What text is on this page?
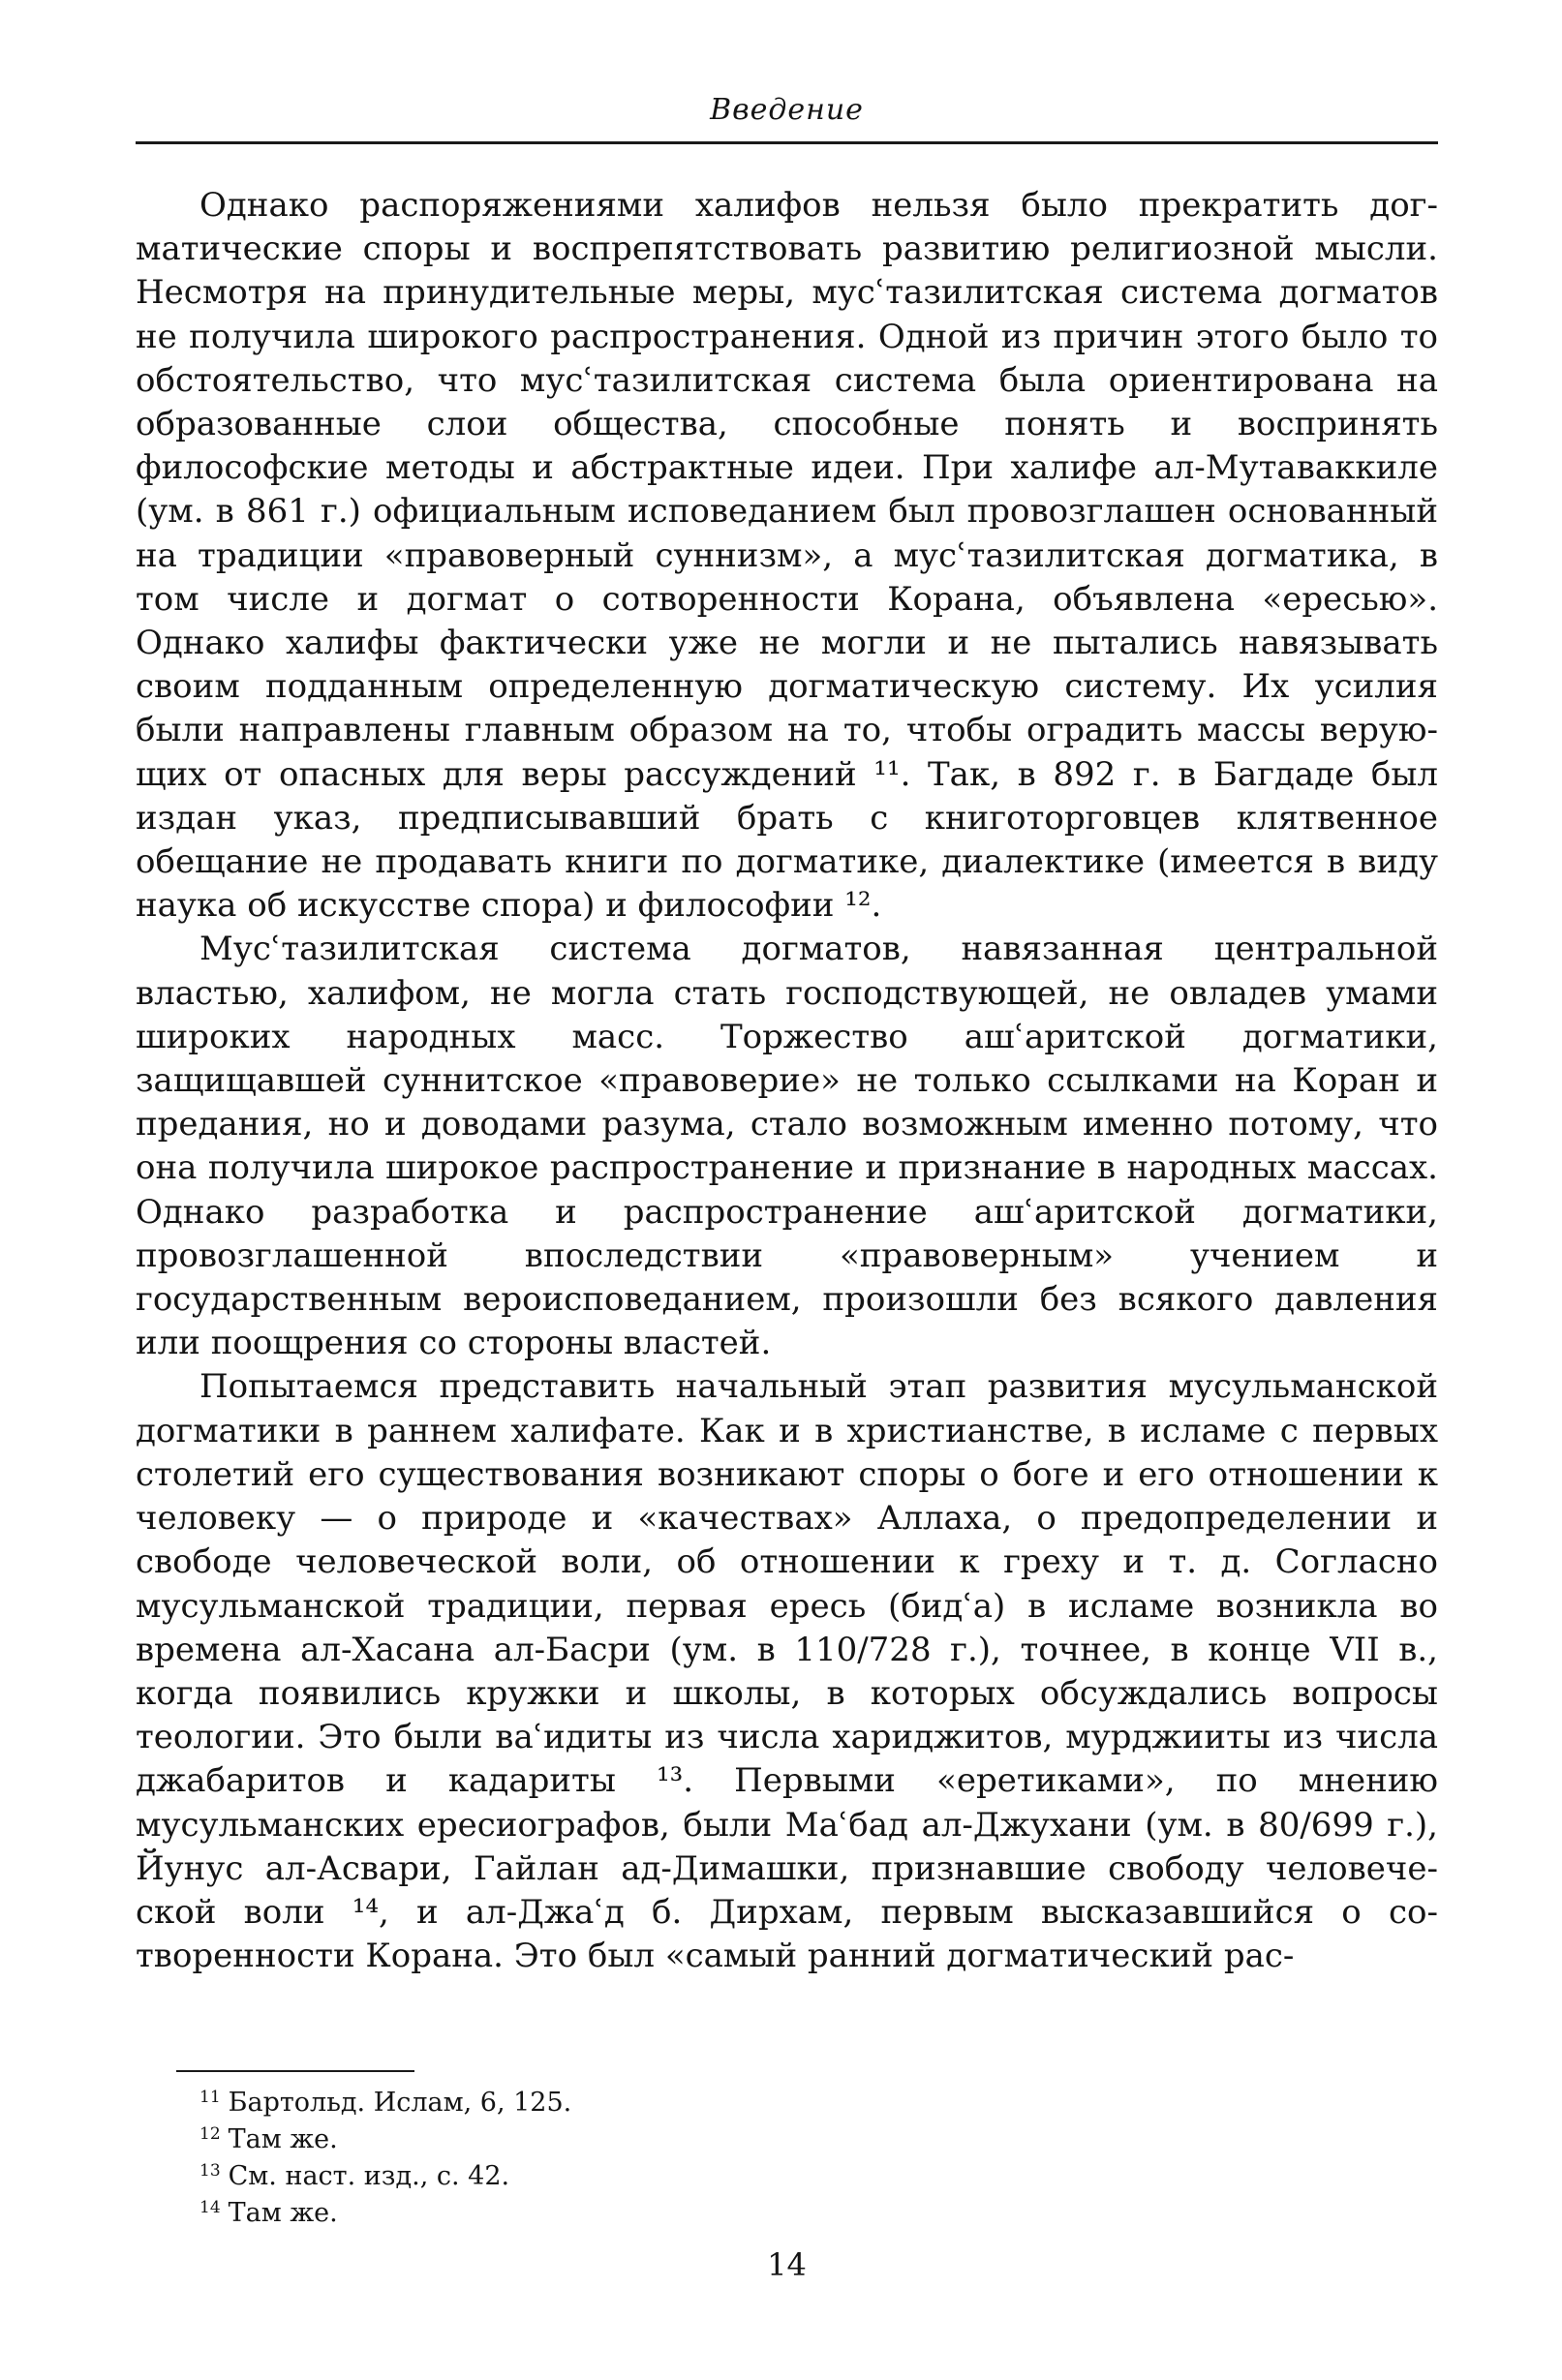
Введение

Однако распоряжениями халифов нельзя было прекратить догматические споры и воспрепятствовать развитию религиозной мысли. Несмотря на принудительные меры, мусʿтазилитская система догматов не получила широкого распространения. Одной из причин этого было то обстоятельство, что мусʿтазилитская система была ориентирована на образованные слои общества, способные понять и воспринять философские методы и абстрактные идеи. При халифе ал-Мутаваккиле (ум. в 861 г.) официальным исповеданием был провозглашен основанный на традиции «правоверный суннизм», а мусʿтазилитская догматика, в том числе и догмат о сотворенности Корана, объявлена «ересью». Однако халифы фактически уже не могли и не пытались навязывать своим подданным определенную догматическую систему. Их усилия были направлены главным образом на то, чтобы оградить массы верующих от опасных для веры рассуждений ¹¹. Так, в 892 г. в Багдаде был издан указ, предписывавший брать с книготорговцев клятвенное обещание не продавать книги по догматике, диалектике (имеется в виду наука об искусстве спора) и философии ¹².

Мусʿтазилитская система догматов, навязанная центральной властью, халифом, не могла стать господствующей, не овладев умами широких народных масс. Торжество ашʿаритской догматики, защищавшей суннитское «правоверие» не только ссылками на Коран и предания, но и доводами разума, стало возможным именно потому, что она получила широкое распространение и признание в народных массах. Однако разработка и распространение ашʿаритской догматики, провозглашенной впоследствии «правоверным» учением и государственным вероисповеданием, произошли без всякого давления или поощрения со стороны властей.

Попытаемся представить начальный этап развития мусульманской догматики в раннем халифате. Как и в христианстве, в исламе с первых столетий его существования возникают споры о боге и его отношении к человеку — о природе и «качествах» Аллаха, о предопределении и свободе человеческой воли, об отношении к греху и т. д. Согласно мусульманской традиции, первая ересь (бидʿа) в исламе возникла во времена ал-Хасана ал-Басри (ум. в 110/728 г.), точнее, в конце VII в., когда появились кружки и школы, в которых обсуждались вопросы теологии. Это были ваʿидиты из числа хариджитов, мурджииты из числа джабаритов и кадариты ¹³. Первыми «еретиками», по мнению мусульманских ересиографов, были Маʿбад ал-Джухани (ум. в 80/699 г.), Йунус ал-Асвари, Гайлан ад-Димашки, признавшие свободу человеческой воли ¹⁴, и ал-Джаʿд б. Дирхам, первым высказавшийся о сотворенности Корана. Это был «самый ранний догматический рас-

$^{11}$ Бартольд. Ислам, 6, 125.

$^{12}$ Там же.

$^{13}$ См. наст. изд., с. 42.

$^{14}$ Там же.

14
